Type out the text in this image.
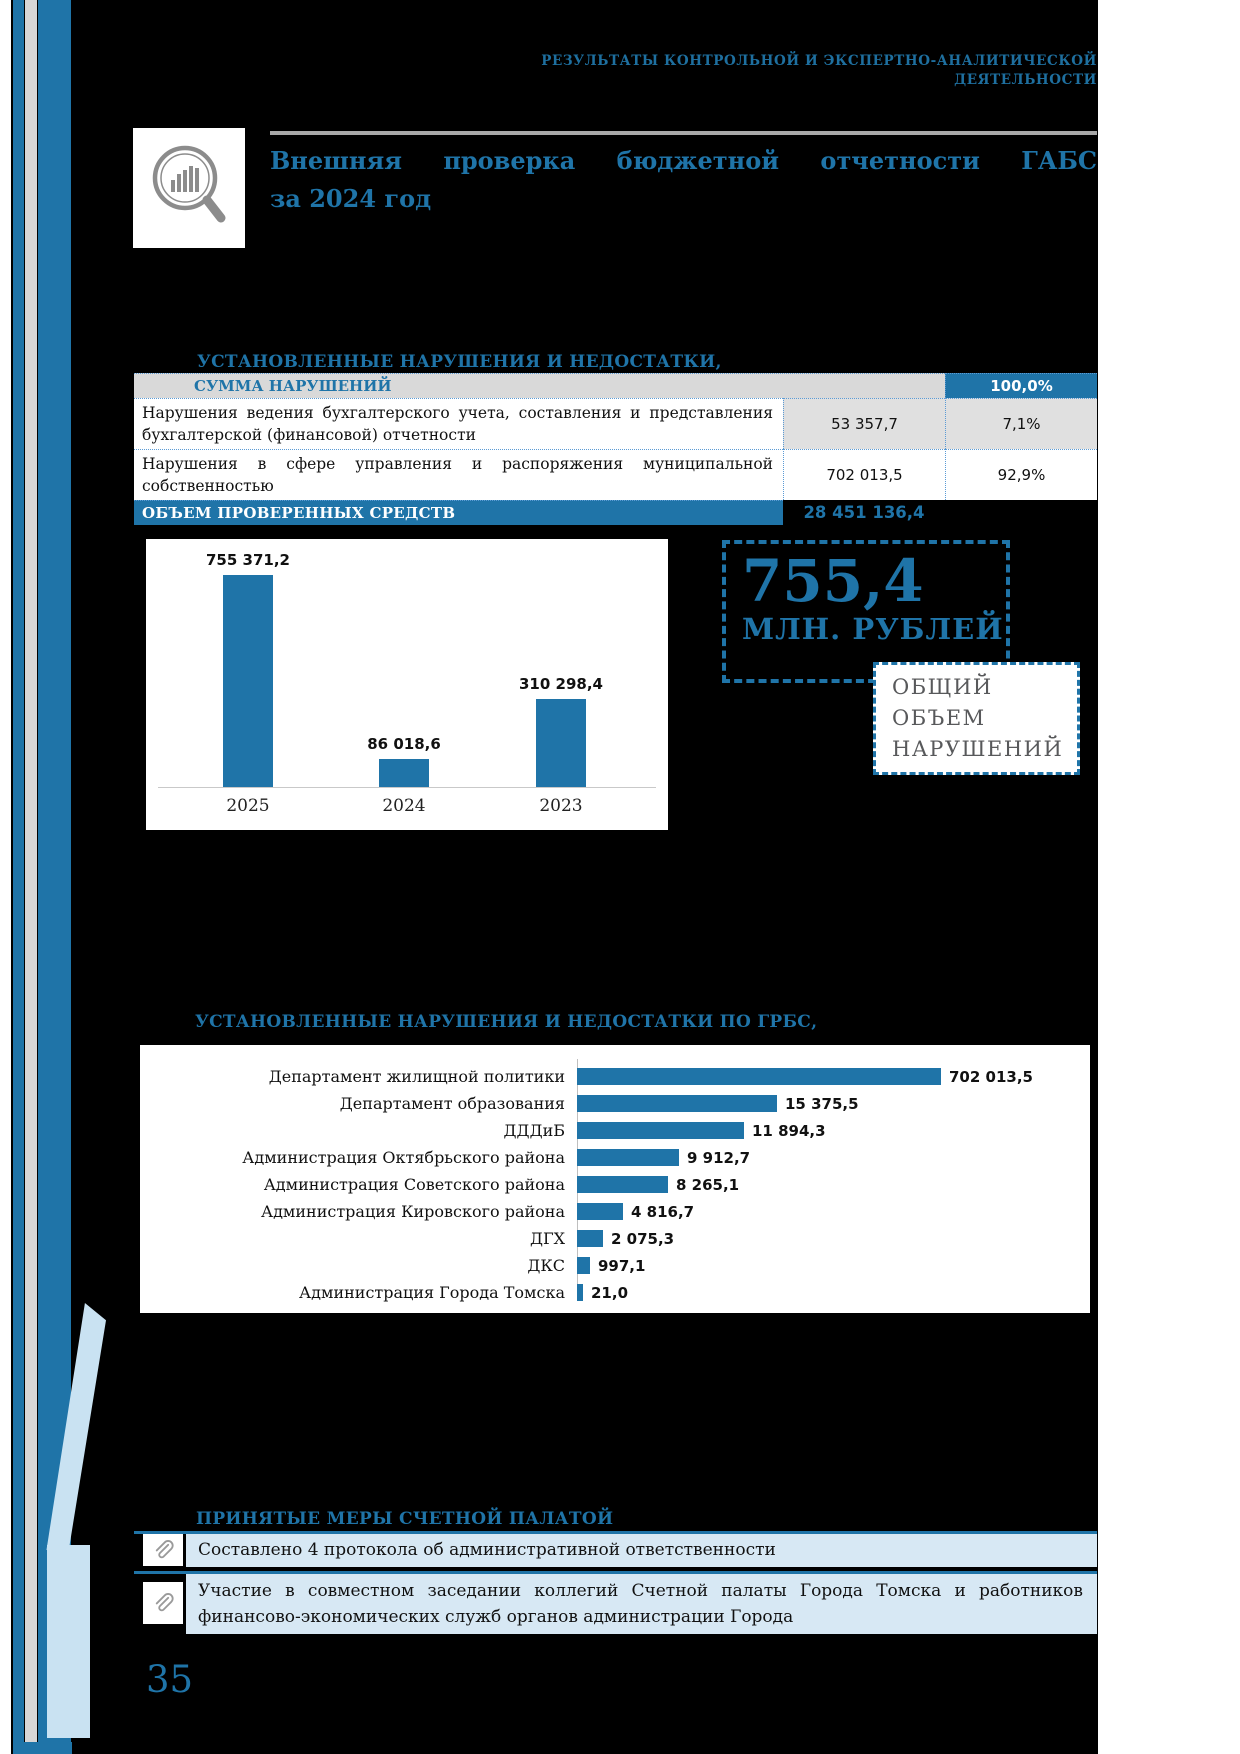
РЕЗУЛЬТАТЫ КОНТРОЛЬНОЙ И ЭКСПЕРТНО-АНАЛИТИЧЕСКОЙ
ДЕЯТЕЛЬНОСТИ
Внешняя проверка бюджетной отчетности ГАБС
за 2024 год
УСТАНОВЛЕННЫЕ НАРУШЕНИЯ И НЕДОСТАТКИ,
СУММА НАРУШЕНИЙ	100,0%
Нарушения ведения бухгалтерского учета, составления и представления бухгалтерской (финансовой) отчетности
53 357,7	7,1%
Нарушения в сфере управления и распоряжения муниципальной собственностью
702 013,5	92,9%
ОБЪЕМ ПРОВЕРЕННЫХ СРЕДСТВ	28 451 136,4
755 371,2
86 018,6
310 298,4
2025	2024	2023
755,4
МЛН. РУБЛЕЙ
ОБЩИЙ
ОБЪЕМ
НАРУШЕНИЙ
УСТАНОВЛЕННЫЕ НАРУШЕНИЯ И НЕДОСТАТКИ ПО ГРБС,
Департамент жилищной политики	702 013,5
Департамент образования	15 375,5
ДДДиБ	11 894,3
Администрация Октябрьского района	9 912,7
Администрация Советского района	8 265,1
Администрация Кировского района	4 816,7
ДГХ	2 075,3
ДКС	997,1
Администрация Города Томска	21,0
ПРИНЯТЫЕ МЕРЫ СЧЕТНОЙ ПАЛАТОЙ
Составлено 4 протокола об административной ответственности
Участие в совместном заседании коллегий Счетной палаты Города Томска и работников финансово-экономических служб органов администрации Города
35
